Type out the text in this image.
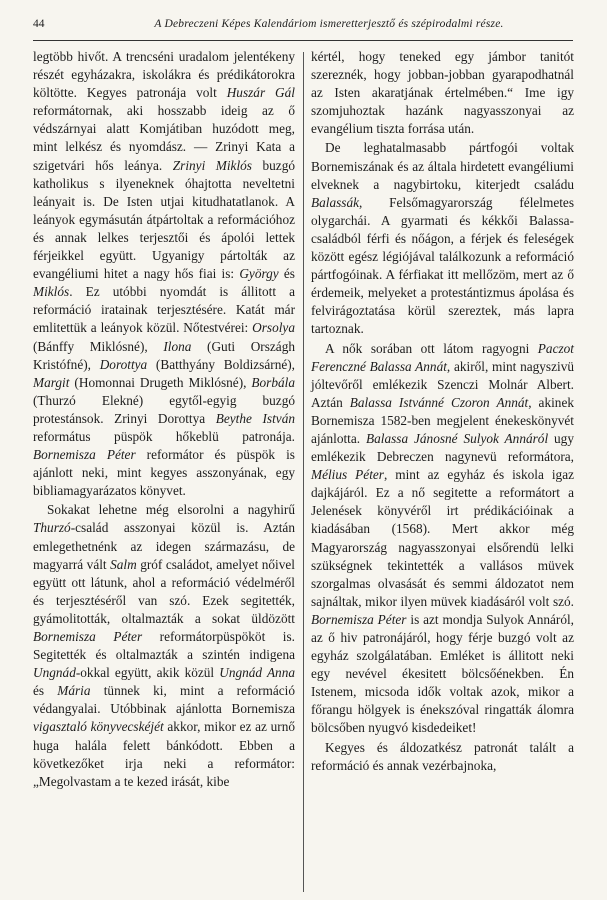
44	A Debreczeni Képes Kalendáriom ismeretterjesztő és szépirodalmi része.

legtöbb hivőt. A trencséni uradalom jelentékeny részét egyházakra, iskolákra és prédikátorokra költötte. Kegyes patronája volt Huszár Gál reformátornak, aki hosszabb ideig az ő védszárnyai alatt Komjátiban huzódott meg, mint lelkész és nyomdász. — Zrinyi Kata a szigetvári hős leánya. Zrinyi Miklós buzgó katholikus s ilyeneknek óhajtotta neveltetni leányait is. De Isten utjai kitudhatatlanok. A leányok egymásután átpártoltak a reformációhoz és annak lelkes terjesztői és ápolói lettek férjeikkel együtt. Ugyanigy pártolták az evangéliumi hitet a nagy hős fiai is: György és Miklós. Ez utóbbi nyomdát is állitott a reformáció iratainak terjesztésére. Katát már emlitettük a leányok közül. Nőtestvérei: Orsolya (Bánffy Miklósné), Ilona (Guti Országh Kristófné), Dorottya (Batthyány Boldizsárné), Margit (Homonnai Drugeth Miklósné), Borbála (Thurzó Elekné) egytől-egyig buzgó protestánsok. Zrinyi Dorottya Beythe István református püspök hőkeblü patronája. Bornemisza Péter reformátor és püspök is ajánlott neki, mint kegyes asszonyának, egy bibliamagyarázatos könyvet.

Sokakat lehetne még elsorolni a nagyhirű Thurzó-család asszonyai közül is. Aztán emlegethetnénk az idegen származásu, de magyarrá vált Salm gróf családot, amelyet nőivel együtt ott látunk, ahol a reformáció védelméről és terjesztéséről van szó. Ezek segitették, gyámolitották, oltalmazták a sokat üldözött Bornemisza Péter reformátorpüspököt is. Segitették és oltalmazták a szintén indigena Ungnád-okkal együtt, akik közül Ungnád Anna és Mária tünnek ki, mint a reformáció védangyalai. Utóbbinak ajánlotta Bornemisza vigasztaló könyvecskéjét akkor, mikor ez az urnő huga halála felett bánkódott. Ebben a következőket irja neki a reformátor: „Megolvastam a te kezed irását, kibe

kértél, hogy teneked egy jámbor tanitót szereznék, hogy jobban-jobban gyarapodhatnál az Isten akaratjának értelmében.“ Ime igy szomjuhoztak hazánk nagyasszonyai az evangélium tiszta forrása után.

De leghatalmasabb pártfogói voltak Bornemiszának és az általa hirdetett evangéliumi elveknek a nagybirtoku, kiterjedt családu Balassák, Felsőmagyarország félelmetes olygarchái. A gyarmati és kékkői Balassa-családból férfi és nőágon, a férjek és feleségek között egész légiójával találkozunk a reformáció pártfogóinak. A férfiakat itt mellőzöm, mert az ő érdemeik, melyeket a protestántizmus ápolása és felvirágoztatása körül szereztek, más lapra tartoznak.

A nők sorában ott látom ragyogni Paczot Ferenczné Balassa Annát, akiről, mint nagyszivü jóltevőről emlékezik Szenczi Molnár Albert. Aztán Balassa Istvánné Czoron Annát, akinek Bornemisza 1582-ben megjelent énekeskönyvét ajánlotta. Balassa Jánosné Sulyok Annáról ugy emlékezik Debreczen nagynevü reformátora, Mélius Péter, mint az egyház és iskola igaz dajkájáról. Ez a nő segitette a reformátort a Jelenések könyvéről irt prédikációinak a kiadásában (1568). Mert akkor még Magyarország nagyasszonyai elsőrendü lelki szükségnek tekintették a vallásos müvek szorgalmas olvasását és semmi áldozatot nem sajnáltak, mikor ilyen müvek kiadásáról volt szó. Bornemisza Péter is azt mondja Sulyok Annáról, az ő hiv patronájáról, hogy férje buzgó volt az egyház szolgálatában. Emléket is állitott neki egy nevével ékesitett bölcsőénekben. Én Istenem, micsoda idők voltak azok, mikor a főrangu hölgyek is énekszóval ringatták álomra bölcsőben nyugvó kisdedeiket!

Kegyes és áldozatkész patronát talált a reformáció és annak vezérbajnoka,
